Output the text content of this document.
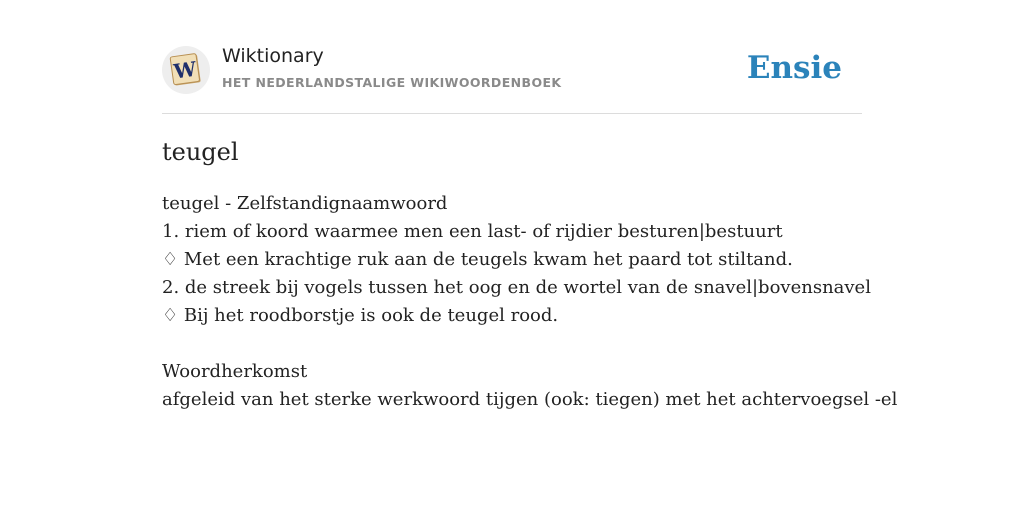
W
Wiktionary
HET NEDERLANDSTALIGE WIKIWOORDENBOEK	Ensie
teugel
teugel - Zelfstandignaamwoord
1. riem of koord waarmee men een last- of rijdier besturen|bestuurt
♢ Met een krachtige ruk aan de teugels kwam het paard tot stiltand.
2. de streek bij vogels tussen het oog en de wortel van de snavel|bovensnavel
♢ Bij het roodborstje is ook de teugel rood.
Woordherkomst
afgeleid van het sterke werkwoord tijgen (ook: tiegen) met het achtervoegsel -el
